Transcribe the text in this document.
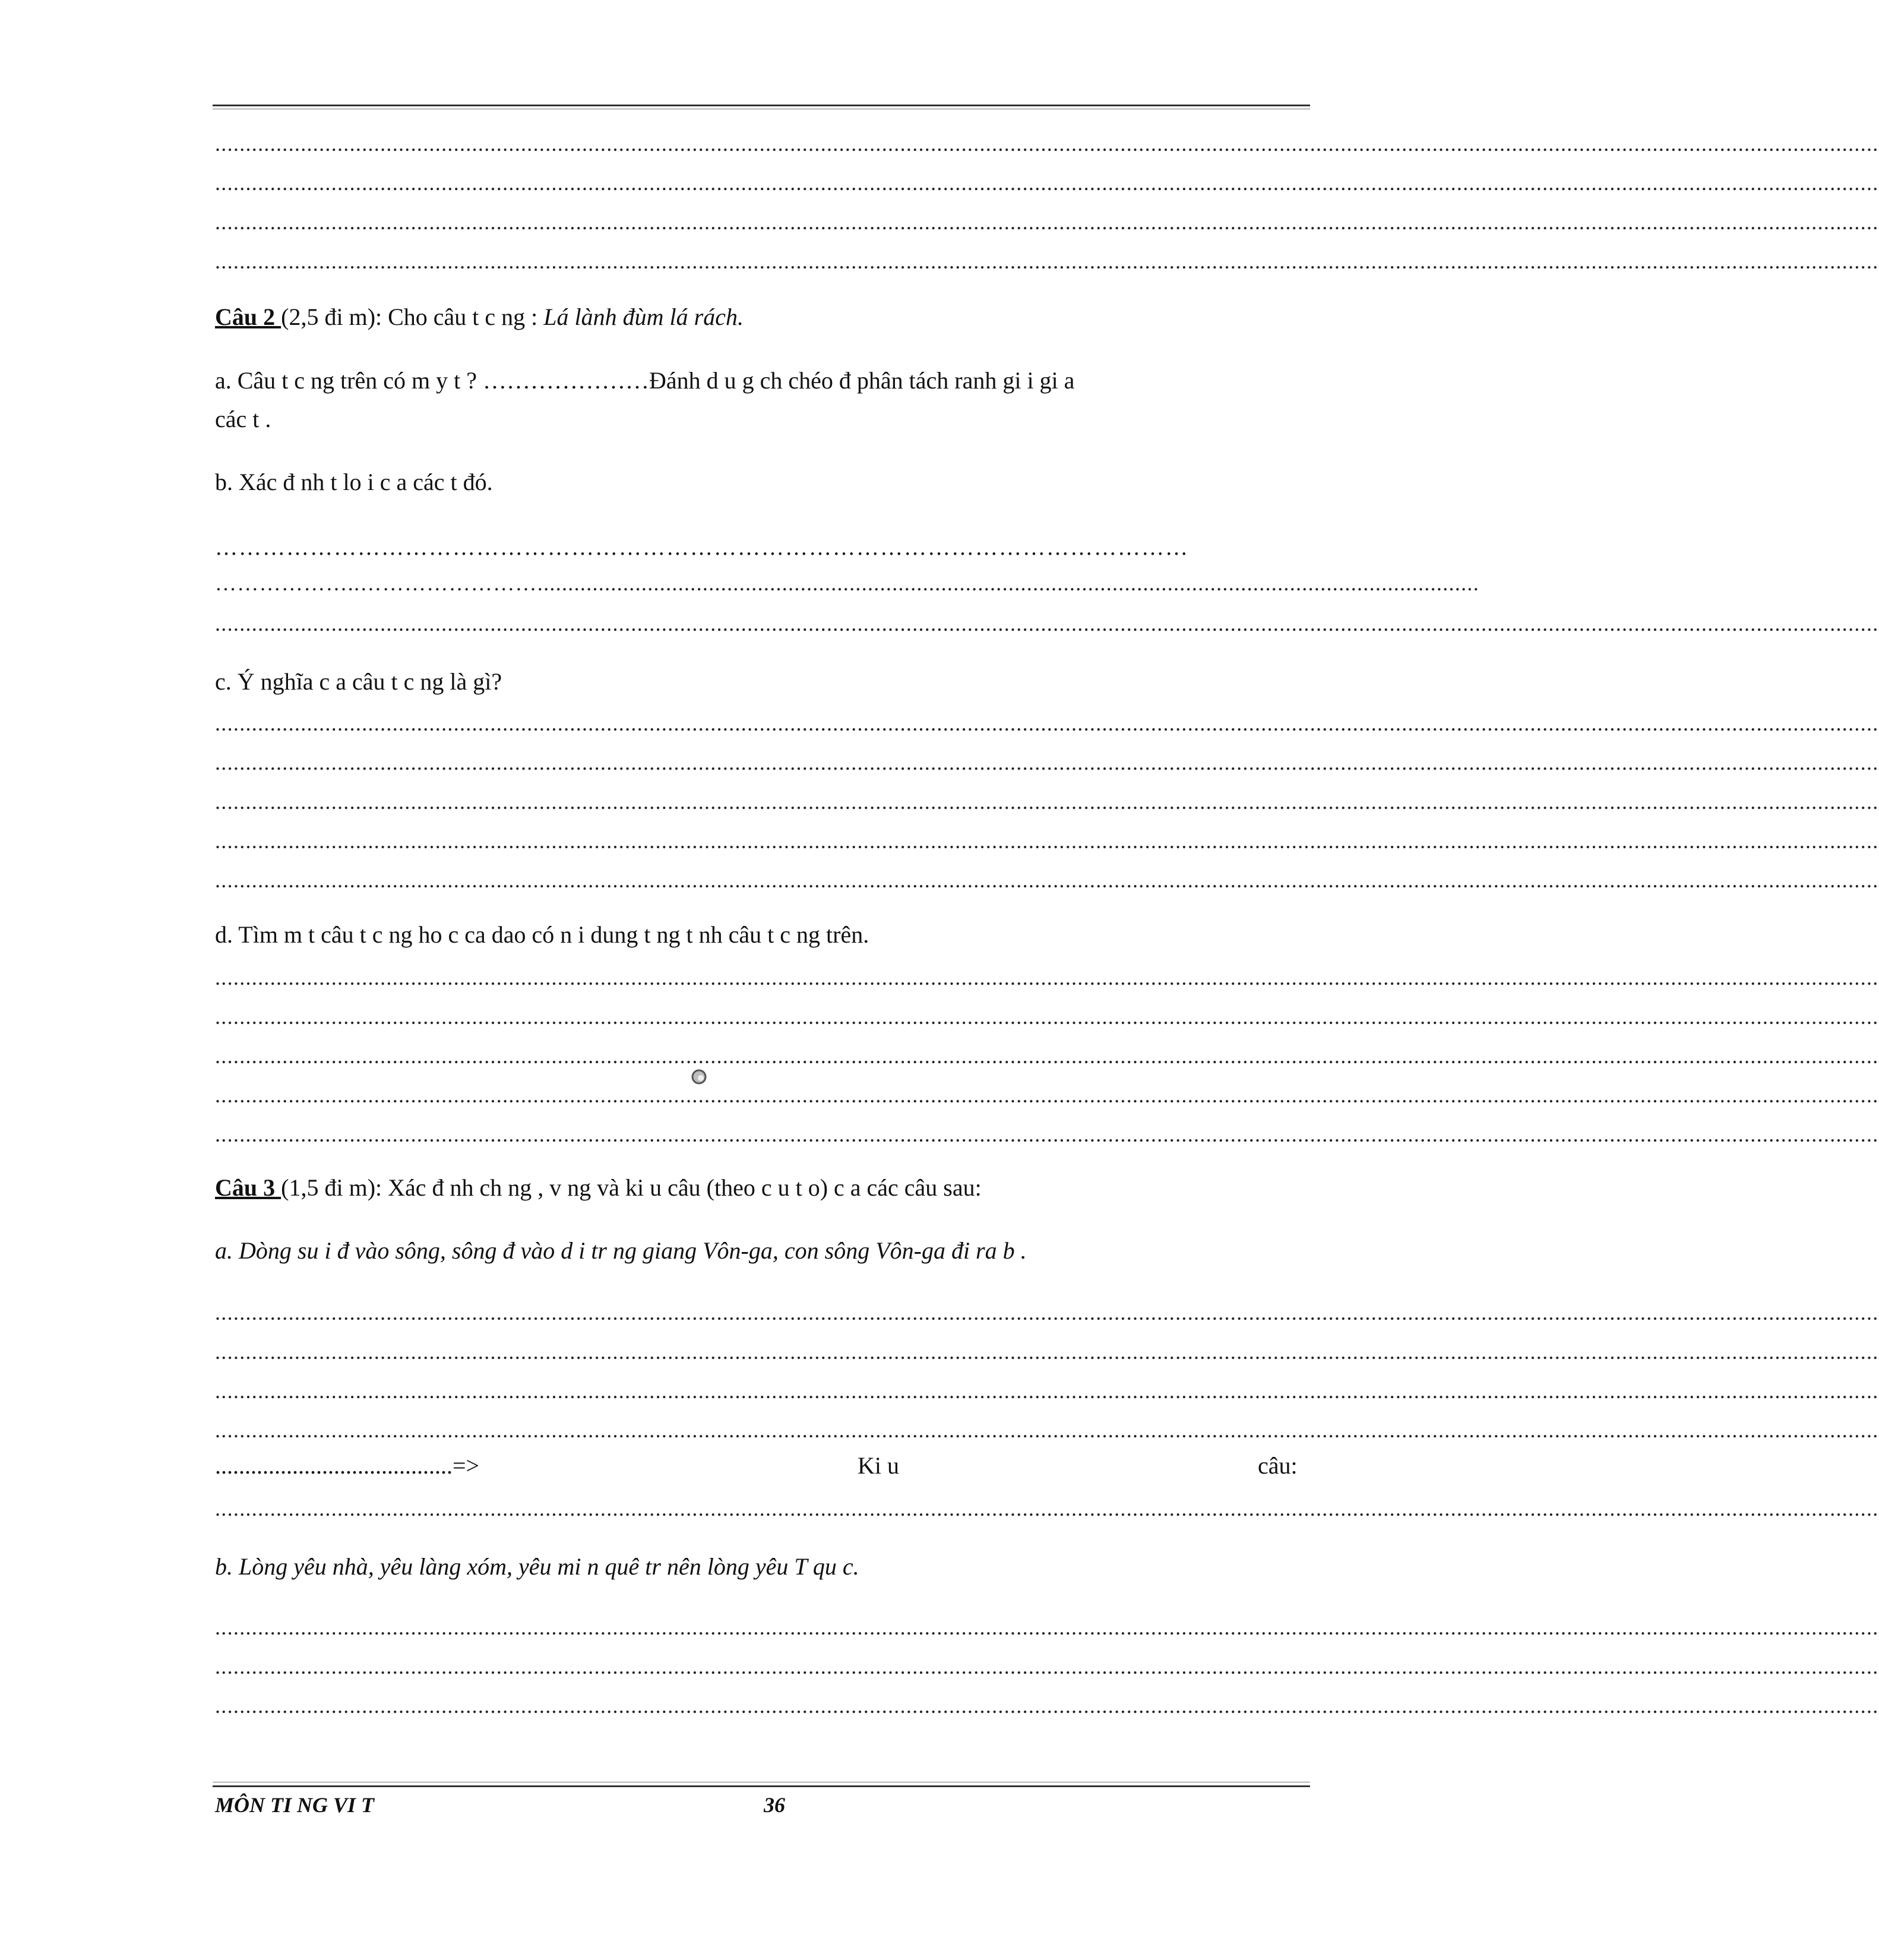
................................................................................................................................................................................................................................................................................
................................................................................................................................................................................................................................................................................
................................................................................................................................................................................................................................................................................
................................................................................................................................................................................................................................................................................
Câu 2 (2,5 đi m): Cho câu t c ng : Lá lành đùm lá rách.
a. Câu t c ng trên có m y t ? …………………Đánh d u g ch chéo đ phân tách ranh gi i gi a
các t .
b. Xác đ nh t lo i c a các t đó.
……………………………………………………………………………………………………………
………………..……………………..........................................................................................................................................................
................................................................................................................................................................................................................................................................................
c. Ý nghĩa c a câu t c ng là gì?
................................................................................................................................................................................................................................................................................
................................................................................................................................................................................................................................................................................
................................................................................................................................................................................................................................................................................
................................................................................................................................................................................................................................................................................
................................................................................................................................................................................................................................................................................
d. Tìm m t câu t c ng ho c ca dao có n i dung t ng t nh câu t c ng trên.
................................................................................................................................................................................................................................................................................
................................................................................................................................................................................................................................................................................
................................................................................................................................................................................................................................................................................
................................................................................................................................................................................................................................................................................
................................................................................................................................................................................................................................................................................
Câu 3 (1,5 đi m): Xác đ nh ch ng , v ng và ki u câu (theo c u t o) c a các câu sau:
a. Dòng su i đ vào sông, sông đ vào d i tr ng giang Vôn-ga, con sông Vôn-ga đi ra b .
................................................................................................................................................................................................................................................................................
................................................................................................................................................................................................................................................................................
................................................................................................................................................................................................................................................................................
................................................................................................................................................................................................................................................................................
........................................=>	Ki u	câu:
................................................................................................................................................................................................................................................................................
b. Lòng yêu nhà, yêu làng xóm, yêu mi n quê tr nên lòng yêu T qu c.
................................................................................................................................................................................................................................................................................
................................................................................................................................................................................................................................................................................
................................................................................................................................................................................................................................................................................
MÔN TI NG VI T	36
